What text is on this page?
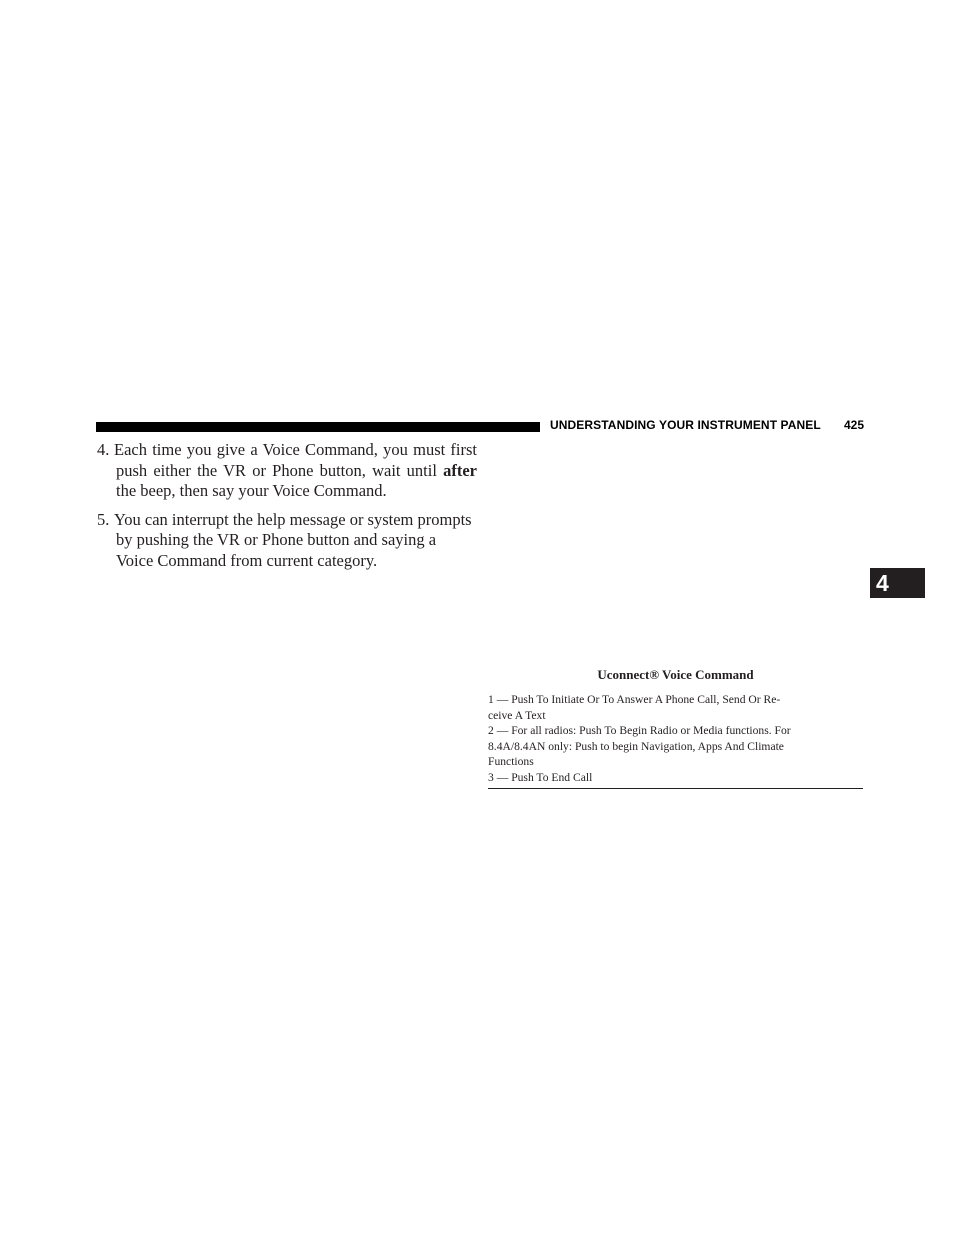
UNDERSTANDING YOUR INSTRUMENT PANEL 425
4. Each time you give a Voice Command, you must first push either the VR or Phone button, wait until after the beep, then say your Voice Command.
5. You can interrupt the help message or system prompts by pushing the VR or Phone button and saying a Voice Command from current category.
4
Uconnect® Voice Command
1 — Push To Initiate Or To Answer A Phone Call, Send Or Re-
ceive A Text
2 — For all radios: Push To Begin Radio or Media functions. For
8.4A/8.4AN only: Push to begin Navigation, Apps And Climate
Functions
3 — Push To End Call
